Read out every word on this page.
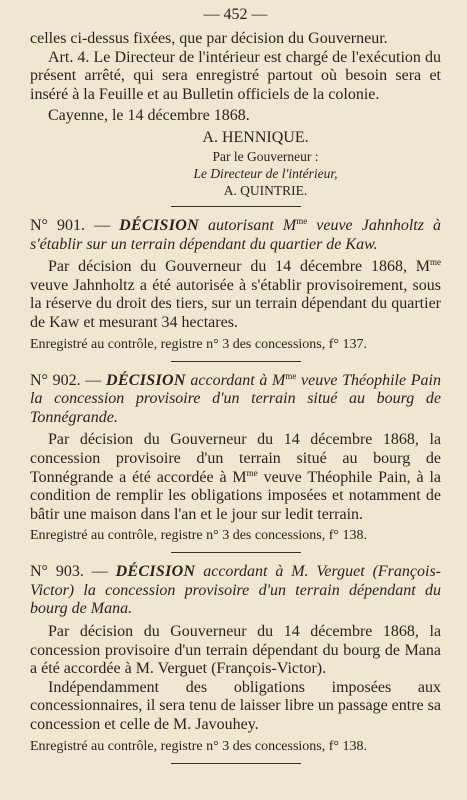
— 452 —

celles ci-dessus fixées, que par décision du Gouverneur.

Art. 4. Le Directeur de l'intérieur est chargé de l'exécution du présent arrêté, qui sera enregistré partout où besoin sera et inséré à la Feuille et au Bulletin officiels de la colonie.

Cayenne, le 14 décembre 1868.

A. HENNIQUE.
Par le Gouverneur :
Le Directeur de l'intérieur,
A. QUINTRIE.

N° 901. — DÉCISION autorisant $M^{me}$ veuve Jahnholtz à s'établir sur un terrain dépendant du quartier de Kaw.

Par décision du Gouverneur du 14 décembre 1868, $M^{me}$ veuve Jahnholtz a été autorisée à s'établir provisoirement, sous la réserve du droit des tiers, sur un terrain dépendant du quartier de Kaw et mesurant 34 hectares.

Enregistré au contrôle, registre n° 3 des concessions, f° 137.

N° 902. — DÉCISION accordant à $M^{me}$ veuve Théophile Pain la concession provisoire d'un terrain situé au bourg de Tonnégrande.

Par décision du Gouverneur du 14 décembre 1868, la concession provisoire d'un terrain situé au bourg de Tonnégrande a été accordée à $M^{me}$ veuve Théophile Pain, à la condition de remplir les obligations imposées et notamment de bâtir une maison dans l'an et le jour sur ledit terrain.

Enregistré au contrôle, registre n° 3 des concessions, f° 138.

N° 903. — DÉCISION accordant à M. Verguet (François-Victor) la concession provisoire d'un terrain dépendant du bourg de Mana.

Par décision du Gouverneur du 14 décembre 1868, la concession provisoire d'un terrain dépendant du bourg de Mana a été accordée à M. Verguet (François-Victor).

Indépendamment des obligations imposées aux concessionnaires, il sera tenu de laisser libre un passage entre sa concession et celle de M. Javouhey.

Enregistré au contrôle, registre n° 3 des concessions, f° 138.
